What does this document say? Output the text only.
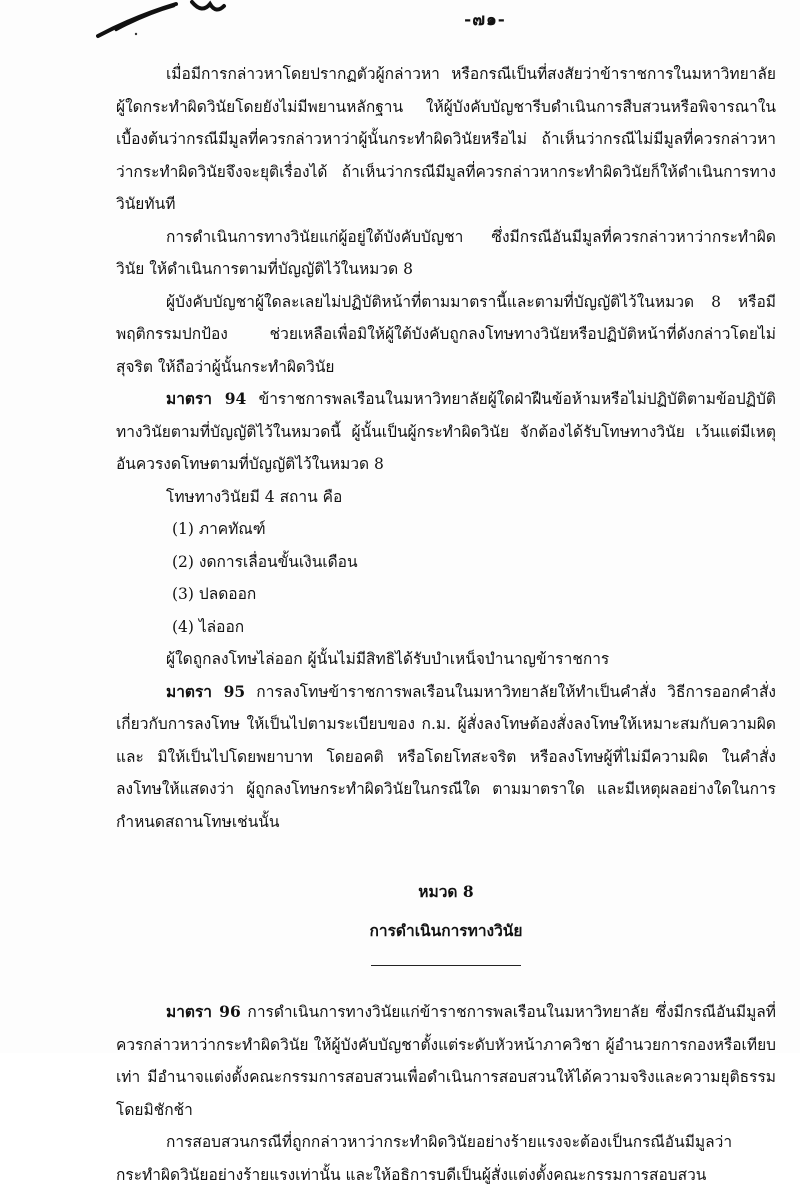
-๗๑-

เมื่อมีการกล่าวหาโดยปรากฏตัวผู้กล่าวหา หรือกรณีเป็นที่สงสัยว่าข้าราชการในมหาวิทยาลัยผู้ใดกระทำผิดวินัยโดยยังไม่มีพยานหลักฐาน ให้ผู้บังคับบัญชารีบดำเนินการสืบสวนหรือพิจารณาในเบื้องต้นว่ากรณีมีมูลที่ควรกล่าวหาว่าผู้นั้นกระทำผิดวินัยหรือไม่ ถ้าเห็นว่ากรณีไม่มีมูลที่ควรกล่าวหาว่ากระทำผิดวินัยจึงจะยุติเรื่องได้ ถ้าเห็นว่ากรณีมีมูลที่ควรกล่าวหากระทำผิดวินัยก็ให้ดำเนินการทางวินัยทันที

การดำเนินการทางวินัยแก่ผู้อยู่ใต้บังคับบัญชา ซึ่งมีกรณีอันมีมูลที่ควรกล่าวหาว่ากระทำผิดวินัย ให้ดำเนินการตามที่บัญญัติไว้ในหมวด 8

ผู้บังคับบัญชาผู้ใดละเลยไม่ปฏิบัติหน้าที่ตามมาตรานี้และตามที่บัญญัติไว้ในหมวด 8 หรือมีพฤติกรรมปกป้อง ช่วยเหลือเพื่อมิให้ผู้ใต้บังคับถูกลงโทษทางวินัยหรือปฏิบัติหน้าที่ดังกล่าวโดยไม่สุจริต ให้ถือว่าผู้นั้นกระทำผิดวินัย

มาตรา 94 ข้าราชการพลเรือนในมหาวิทยาลัยผู้ใดฝ่าฝืนข้อห้ามหรือไม่ปฏิบัติตามข้อปฏิบัติทางวินัยตามที่บัญญัติไว้ในหมวดนี้ ผู้นั้นเป็นผู้กระทำผิดวินัย จักต้องได้รับโทษทางวินัย เว้นแต่มีเหตุอันควรงดโทษตามที่บัญญัติไว้ในหมวด 8

โทษทางวินัยมี 4 สถาน คือ

(1) ภาคทัณฑ์

(2) งดการเลื่อนขั้นเงินเดือน

(3) ปลดออก

(4) ไล่ออก

ผู้ใดถูกลงโทษไล่ออก ผู้นั้นไม่มีสิทธิได้รับบำเหน็จบำนาญข้าราชการ

มาตรา 95 การลงโทษข้าราชการพลเรือนในมหาวิทยาลัยให้ทำเป็นคำสั่ง วิธีการออกคำสั่งเกี่ยวกับการลงโทษ ให้เป็นไปตามระเบียบของ ก.ม. ผู้สั่งลงโทษต้องสั่งลงโทษให้เหมาะสมกับความผิด และ มิให้เป็นไปโดยพยาบาท โดยอคติ หรือโดยโทสะจริต หรือลงโทษผู้ที่ไม่มีความผิด ในคำสั่งลงโทษให้แสดงว่า ผู้ถูกลงโทษกระทำผิดวินัยในกรณีใด ตามมาตราใด และมีเหตุผลอย่างใดในการกำหนดสถานโทษเช่นนั้น

หมวด 8

การดำเนินการทางวินัย

มาตรา 96 การดำเนินการทางวินัยแก่ข้าราชการพลเรือนในมหาวิทยาลัย ซึ่งมีกรณีอันมีมูลที่ควรกล่าวหาว่ากระทำผิดวินัย ให้ผู้บังคับบัญชาตั้งแต่ระดับหัวหน้าภาควิชา ผู้อำนวยการกองหรือเทียบเท่า มีอำนาจแต่งตั้งคณะกรรมการสอบสวนเพื่อดำเนินการสอบสวนให้ได้ความจริงและความยุติธรรมโดยมิชักช้า

การสอบสวนกรณีที่ถูกกล่าวหาว่ากระทำผิดวินัยอย่างร้ายแรงจะต้องเป็นกรณีอันมีมูลว่ากระทำผิดวินัยอย่างร้ายแรงเท่านั้น และให้อธิการบดีเป็นผู้สั่งแต่งตั้งคณะกรรมการสอบสวน
